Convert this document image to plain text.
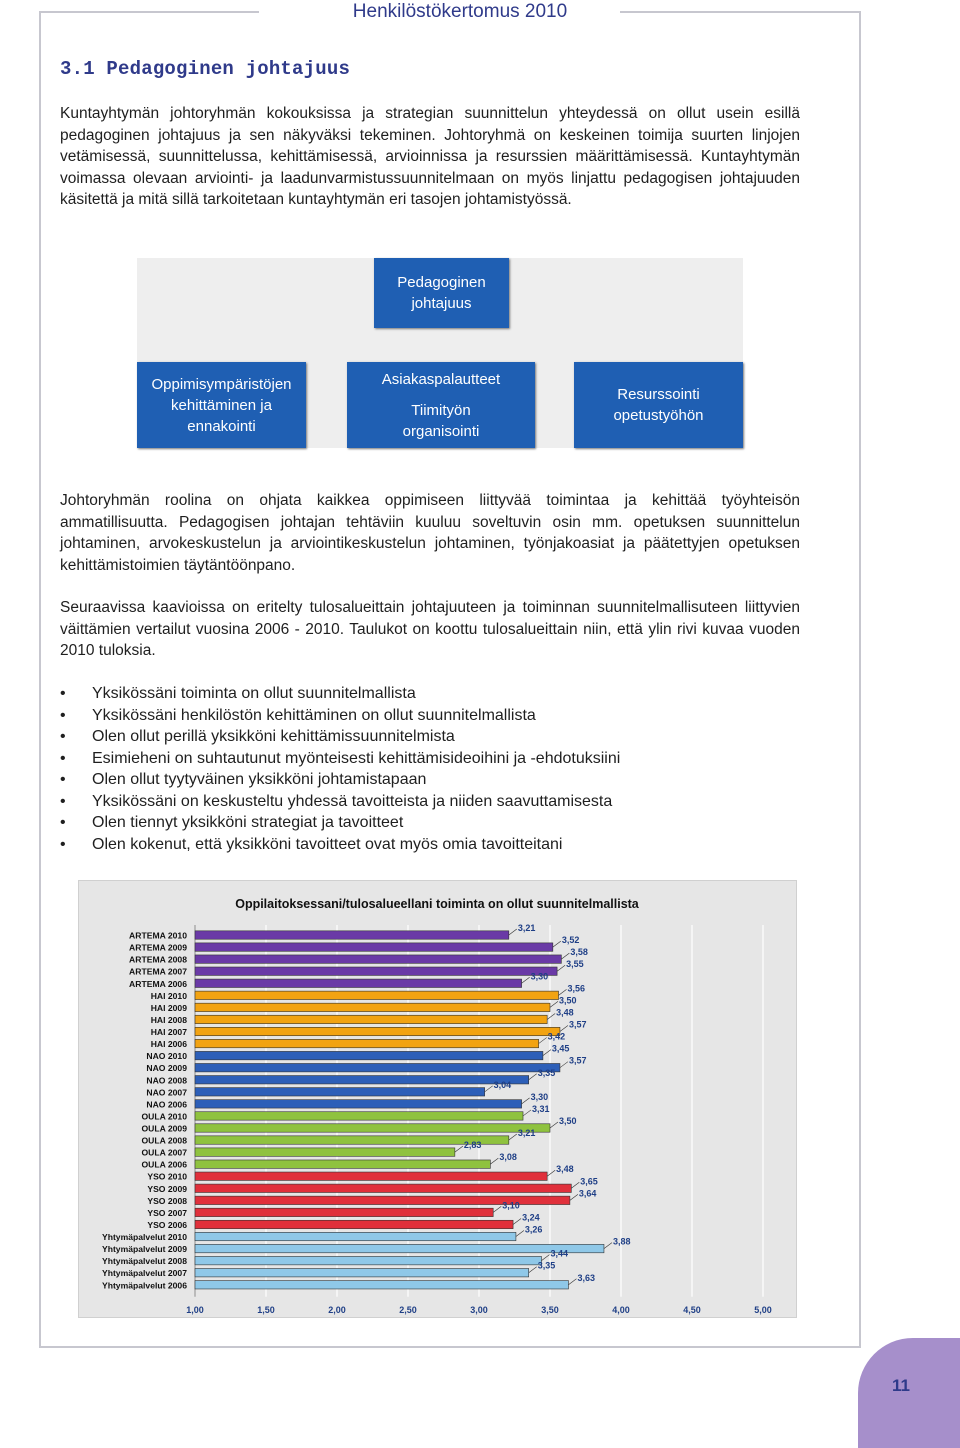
Henkilöstökertomus 2010
3.1 Pedagoginen johtajuus

Kuntayhtymän johtoryhmän kokouksissa ja strategian suunnittelun yhteydessä on ollut usein esillä pedagoginen johtajuus ja sen näkyväksi tekeminen. Johtoryhmä on keskeinen toimija suurten linjojen vetämisessä, suunnittelussa, kehittämisessä, arvioinnissa ja resurssien määrittämisessä. Kuntayhtymän voimassa olevaan arviointi- ja laadunvarmistussuunnitelmaan on myös linjattu pedagogisen johtajuuden käsitettä ja mitä sillä tarkoitetaan kuntayhtymän eri tasojen johtamistyössä.

Pedagoginen
johtajuus
Oppimisympäristöjen
kehittäminen ja
ennakointi
Asiakaspalautteet
Tiimityön
organisointi
Resurssointi
opetustyöhön

Johtoryhmän roolina on ohjata kaikkea oppimiseen liittyvää toimintaa ja kehittää työyhteisön ammatillisuutta. Pedagogisen johtajan tehtäviin kuuluu soveltuvin osin mm. opetuksen suunnittelun johtaminen, arvokeskustelun ja arviointikeskustelun johtaminen, työnjakoasiat ja päätettyjen opetuksen kehittämistoimien täytäntöönpano.

Seuraavissa kaavioissa on eritelty tulosalueittain johtajuuteen ja toiminnan suunnitelmallisuteen liittyvien väittämien vertailut vuosina 2006 - 2010. Taulukot on koottu tulosalueittain niin, että ylin rivi kuvaa vuoden 2010 tuloksia.

• Yksikössäni toiminta on ollut suunnitelmallista
• Yksikössäni henkilöstön kehittäminen on ollut suunnitelmallista
• Olen ollut perillä yksikköni kehittämissuunnitelmista
• Esimieheni on suhtautunut myönteisesti kehittämisideoihini ja -ehdotuksiini
• Olen ollut tyytyväinen yksikköni johtamistapaan
• Yksikössäni on keskusteltu yhdessä tavoitteista ja niiden saavuttamisesta
• Olen tiennyt yksikköni strategiat ja tavoitteet
• Olen kokenut, että yksikköni tavoitteet ovat myös omia tavoitteitani
Oppilaitoksessani/tulosalueellani toiminta on ollut suunnitelmallista
1,00	1,50	2,00	2,50	3,00	3,50	4,00	4,50	5,00
ARTEMA 2010
3,21
ARTEMA 2009
3,52
ARTEMA 2008
3,58
ARTEMA 2007
3,55
ARTEMA 2006
3,30
HAI 2010
3,56
HAI 2009
3,50
HAI 2008
3,48
HAI 2007
3,57
HAI 2006
3,42
NAO 2010
3,45
NAO 2009
3,57
NAO 2008
3,35
NAO 2007
3,04
NAO 2006
3,30
OULA 2010
3,31
OULA 2009
3,50
OULA 2008
3,21
OULA 2007
2,83
OULA 2006
3,08
YSO 2010
3,48
YSO 2009
3,65
YSO 2008
3,64
YSO 2007
3,10
YSO 2006
3,24
Yhtymäpalvelut 2010
3,26
Yhtymäpalvelut 2009
3,88
Yhtymäpalvelut 2008
3,44
Yhtymäpalvelut 2007
3,35
Yhtymäpalvelut 2006
3,63
11
